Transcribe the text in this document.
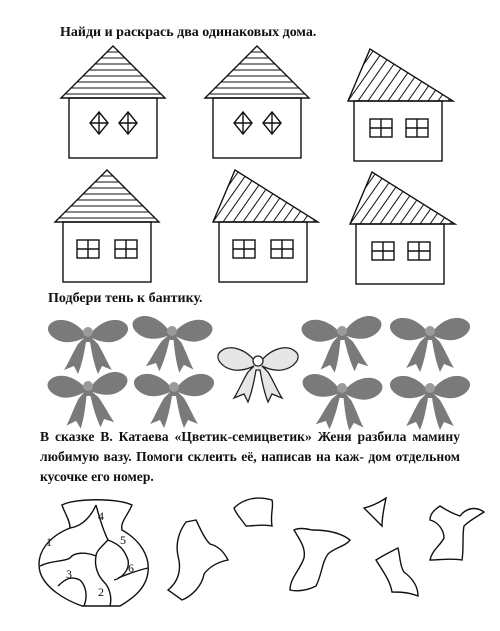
Найди и раскрась два одинаковых дома.
Подбери тень к бантику.
В сказке В. Катаева «Цветик-семицветик» Женя разбила мамину любимую вазу. Помоги склеить её, написав на каж- дом отдельном кусочке его номер.
1
2
3
4
5
6
